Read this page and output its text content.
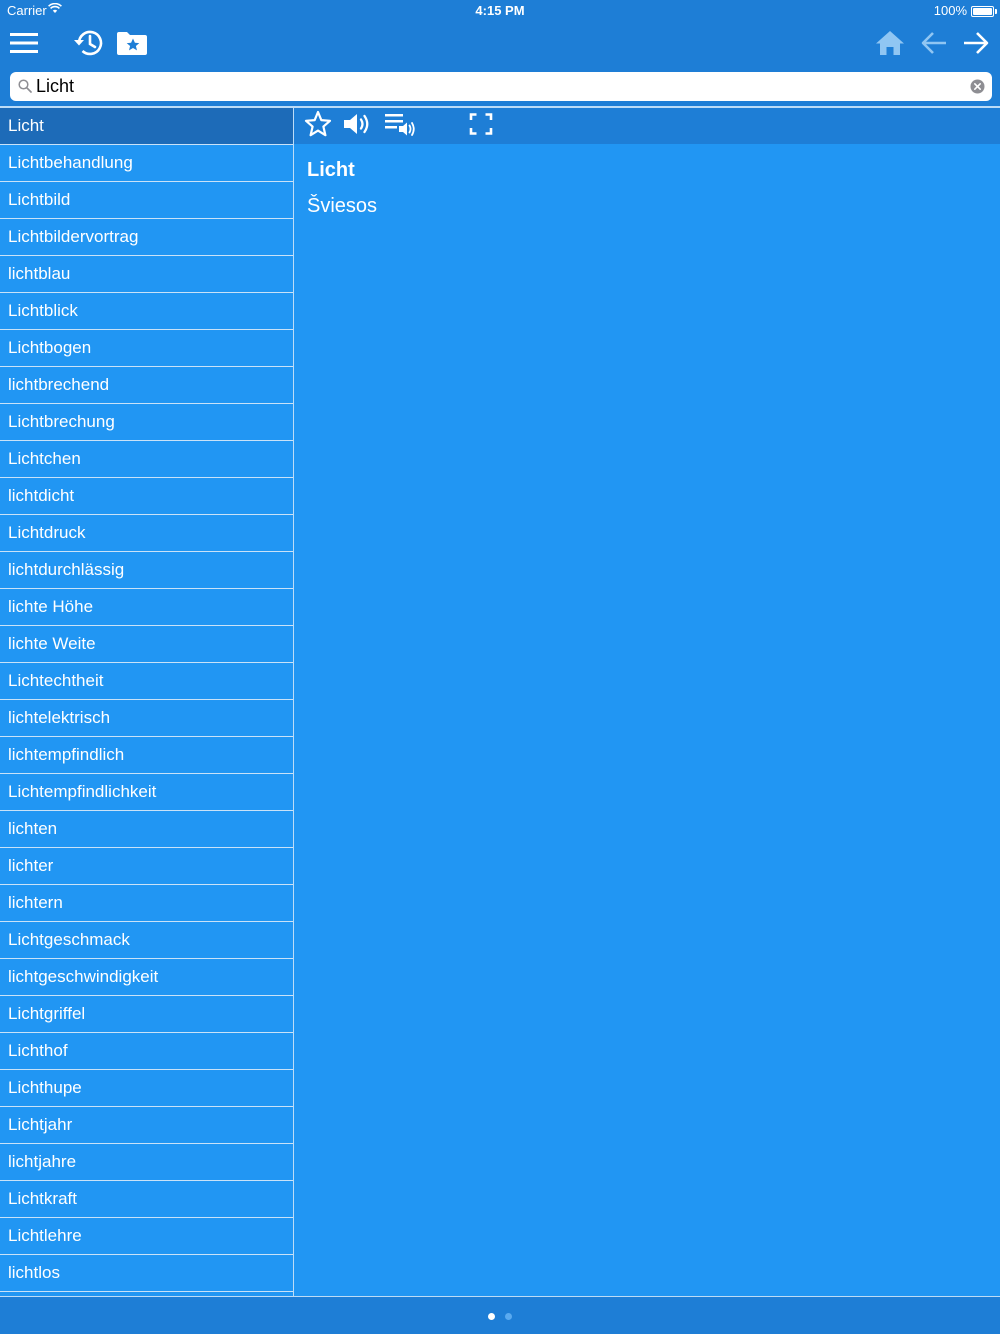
Carrier	4:15 PM	100%
Licht
Licht
Lichtbehandlung
Lichtbild
Lichtbildervortrag
lichtblau
Lichtblick
Lichtbogen
lichtbrechend
Lichtbrechung
Lichtchen
lichtdicht
Lichtdruck
lichtdurchlässig
lichte Höhe
lichte Weite
Lichtechtheit
lichtelektrisch
lichtempfindlich
Lichtempfindlichkeit
lichten
lichter
lichtern
Lichtgeschmack
lichtgeschwindigkeit
Lichtgriffel
Lichthof
Lichthupe
Lichtjahr
lichtjahre
Lichtkraft
Lichtlehre
lichtlos
Licht
Šviesos
